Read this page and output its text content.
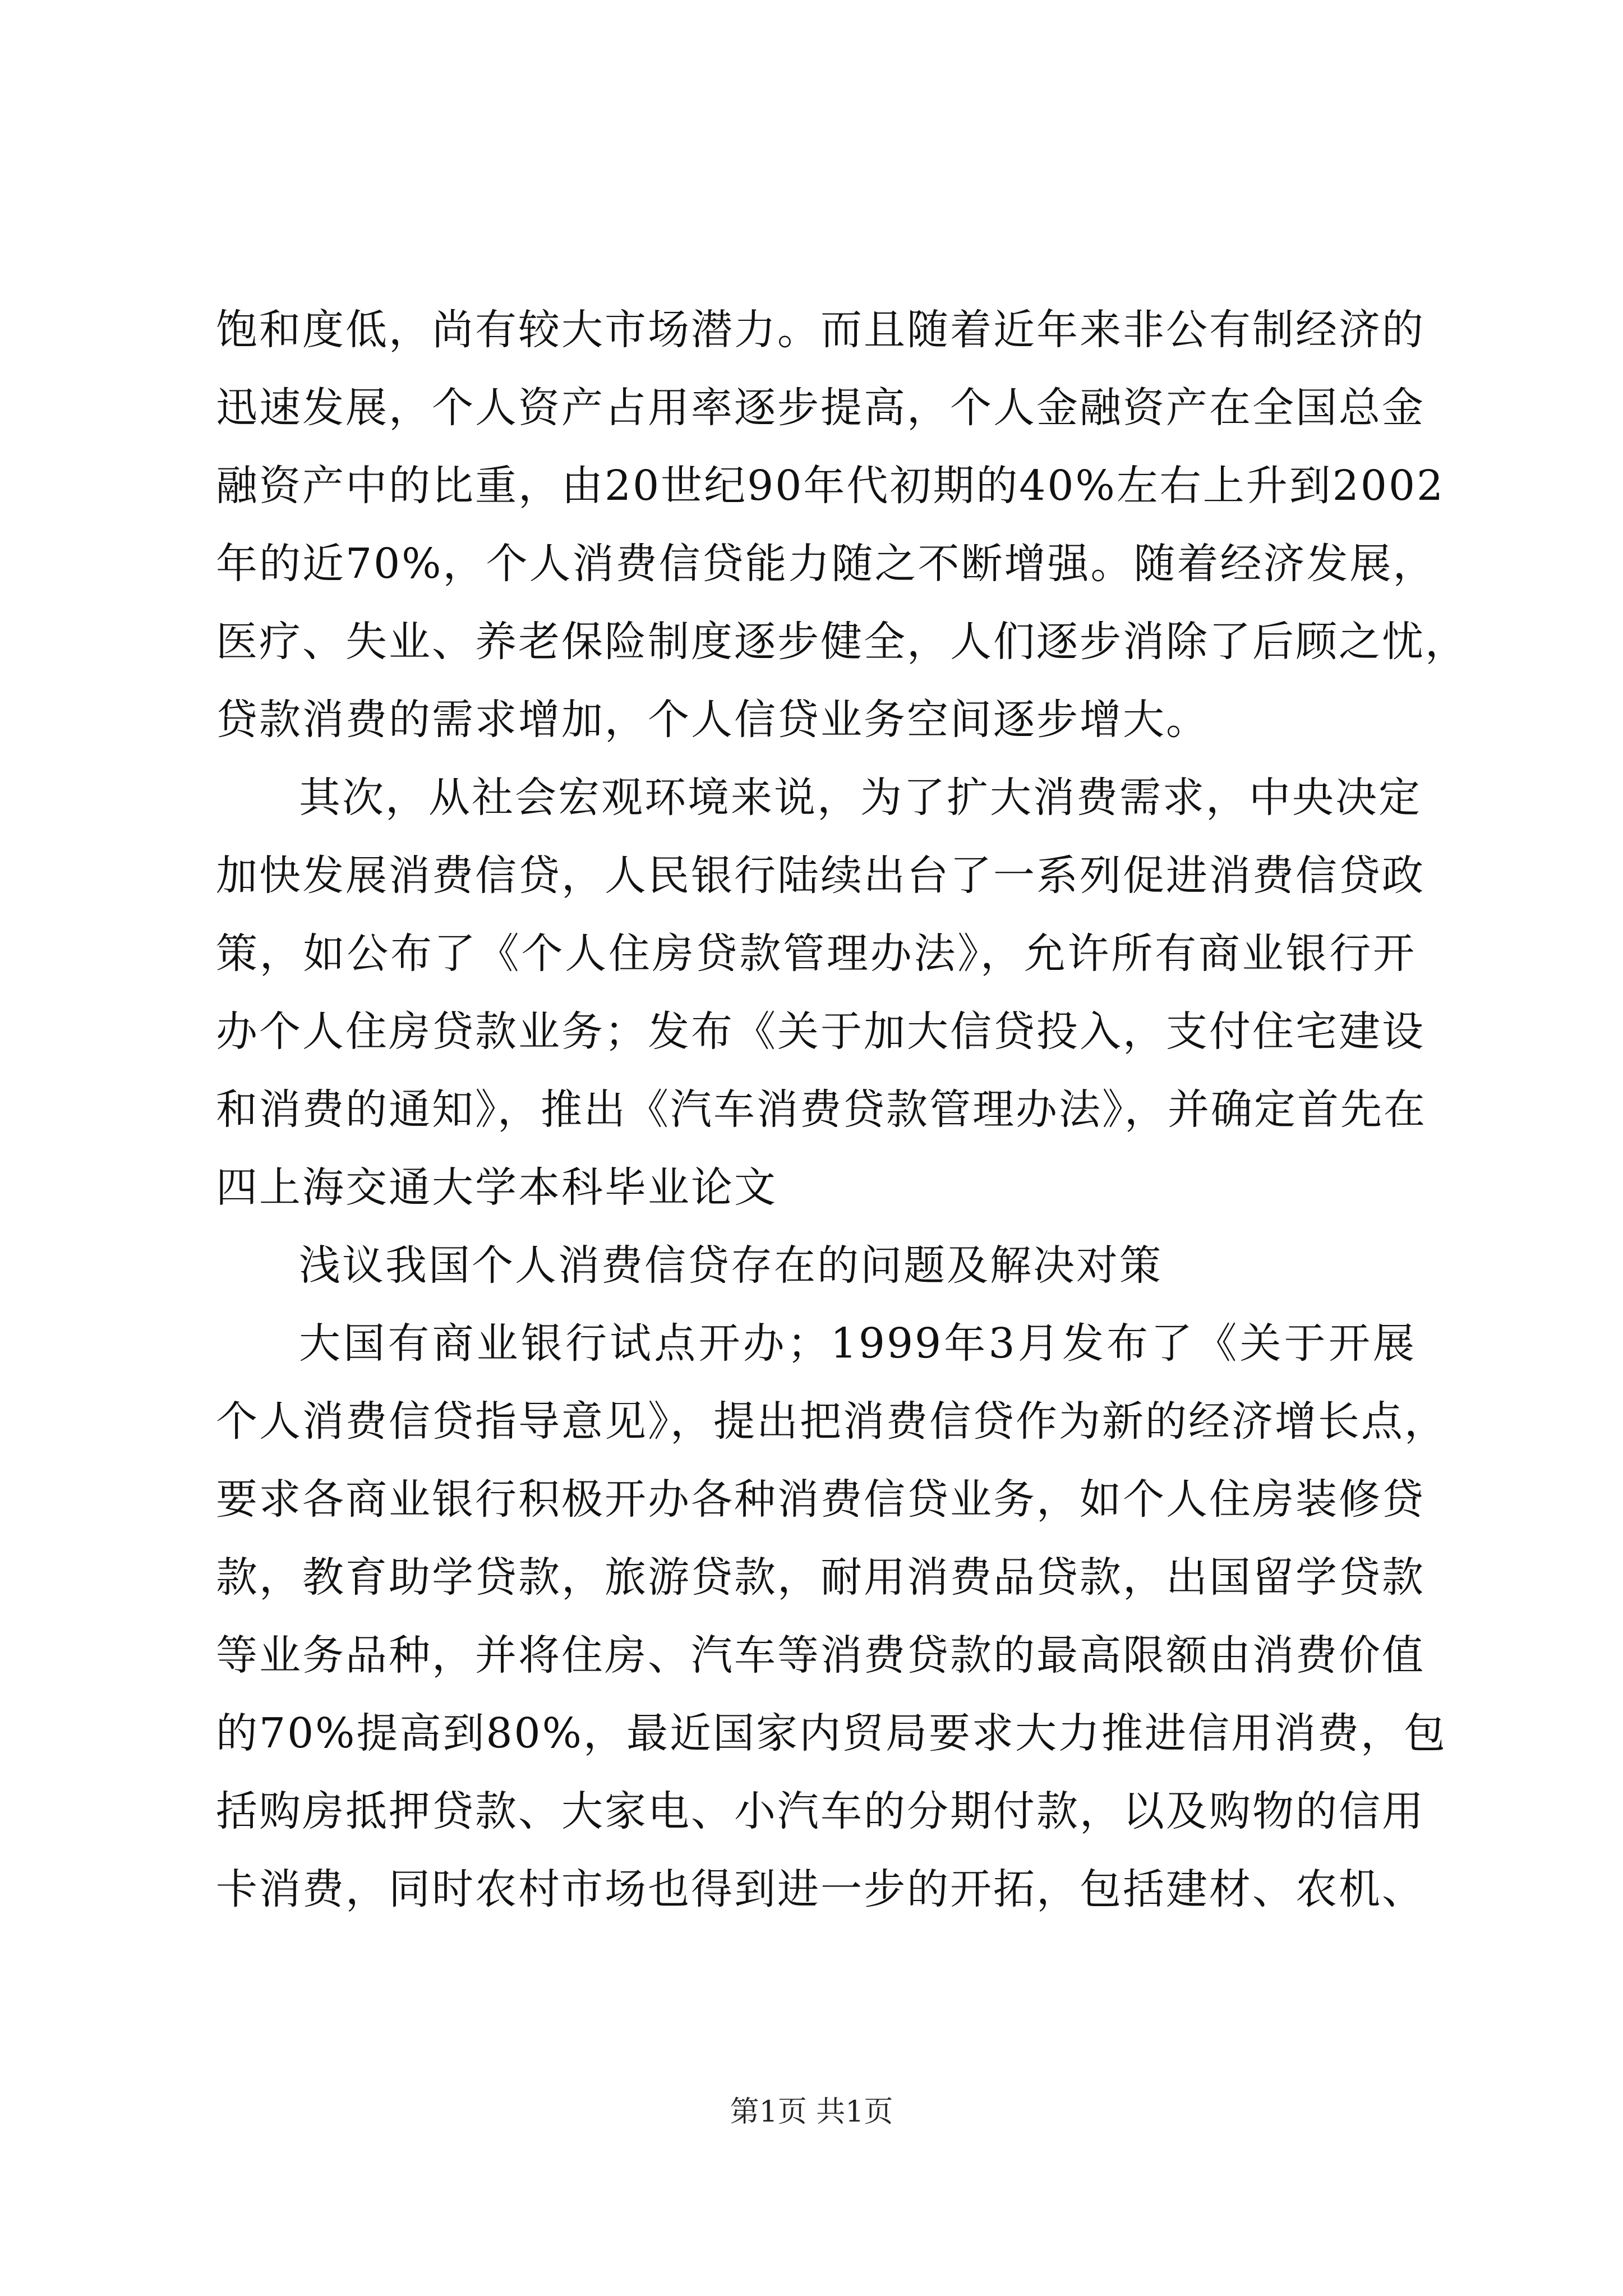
饱和度低，尚有较大市场潜力。而且随着近年来非公有制经济的
迅速发展，个人资产占用率逐步提高，个人金融资产在全国总金
融资产中的比重，由20世纪90年代初期的40%左右上升到2002
年的近70%，个人消费信贷能力随之不断增强。随着经济发展，
医疗、失业、养老保险制度逐步健全，人们逐步消除了后顾之忧，
贷款消费的需求增加，个人信贷业务空间逐步增大。
其次，从社会宏观环境来说，为了扩大消费需求，中央决定
加快发展消费信贷，人民银行陆续出台了一系列促进消费信贷政
策，如公布了《个人住房贷款管理办法》，允许所有商业银行开
办个人住房贷款业务；发布《关于加大信贷投入，支付住宅建设
和消费的通知》，推出《汽车消费贷款管理办法》，并确定首先在
四上海交通大学本科毕业论文
浅议我国个人消费信贷存在的问题及解决对策
大国有商业银行试点开办；1999年3月发布了《关于开展
个人消费信贷指导意见》，提出把消费信贷作为新的经济增长点，
要求各商业银行积极开办各种消费信贷业务，如个人住房装修贷
款，教育助学贷款，旅游贷款，耐用消费品贷款，出国留学贷款
等业务品种，并将住房、汽车等消费贷款的最高限额由消费价值
的70%提高到80%，最近国家内贸局要求大力推进信用消费，包
括购房抵押贷款、大家电、小汽车的分期付款，以及购物的信用
卡消费，同时农村市场也得到进一步的开拓，包括建材、农机、
第1页 共1页
